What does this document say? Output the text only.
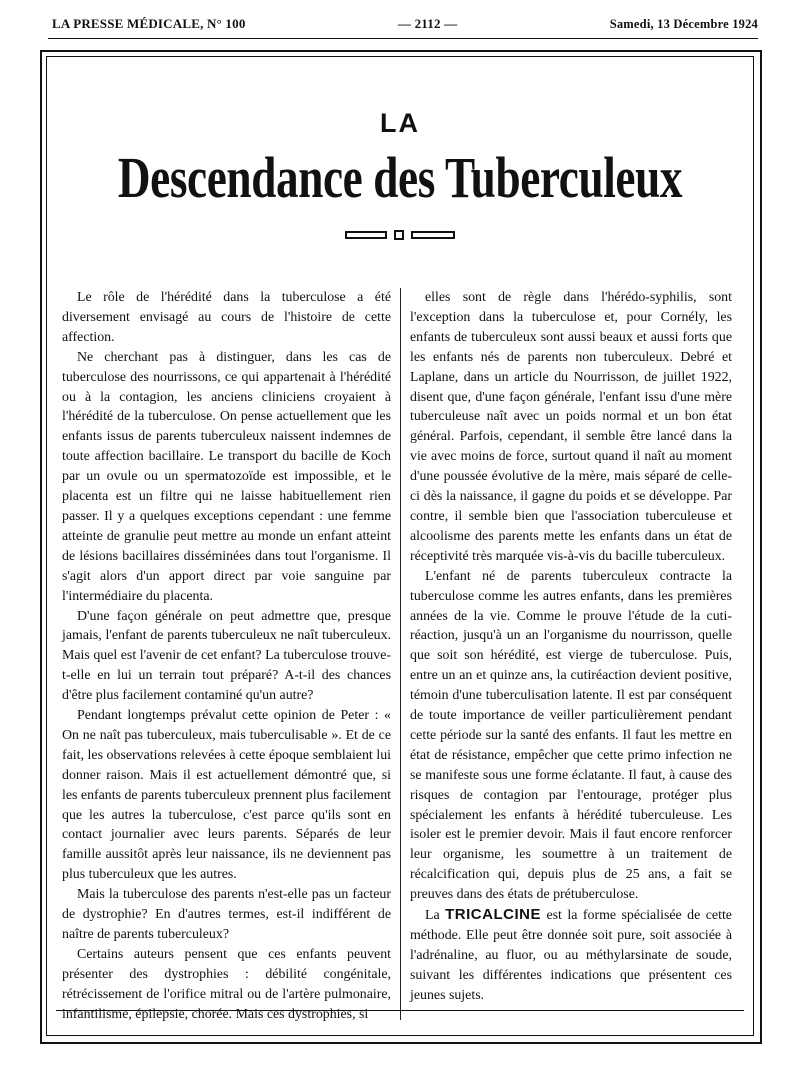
LA PRESSE MÉDICALE, N° 100	— 2112 —	Samedi, 13 Décembre 1924
LA
Descendance des Tuberculeux

Le rôle de l'hérédité dans la tuberculose a été diversement envisagé au cours de l'histoire de cette affection.

Ne cherchant pas à distinguer, dans les cas de tuberculose des nourrissons, ce qui appartenait à l'hérédité ou à la contagion, les anciens cliniciens croyaient à l'hérédité de la tuberculose. On pense actuellement que les enfants issus de parents tuberculeux naissent indemnes de toute affection bacillaire. Le transport du bacille de Koch par un ovule ou un spermatozoïde est impossible, et le placenta est un filtre qui ne laisse habituellement rien passer. Il y a quelques exceptions cependant : une femme atteinte de granulie peut mettre au monde un enfant atteint de lésions bacillaires disséminées dans tout l'organisme. Il s'agit alors d'un apport direct par voie sanguine par l'intermédiaire du placenta.

D'une façon générale on peut admettre que, presque jamais, l'enfant de parents tuberculeux ne naît tuberculeux. Mais quel est l'avenir de cet enfant? La tuberculose trouve-t-elle en lui un terrain tout préparé? A-t-il des chances d'être plus facilement contaminé qu'un autre?

Pendant longtemps prévalut cette opinion de Peter : « On ne naît pas tuberculeux, mais tuberculisable ». Et de ce fait, les observations relevées à cette époque semblaient lui donner raison. Mais il est actuellement démontré que, si les enfants de parents tuberculeux prennent plus facilement que les autres la tuberculose, c'est parce qu'ils sont en contact journalier avec leurs parents. Séparés de leur famille aussitôt après leur naissance, ils ne deviennent pas plus tuberculeux que les autres.

Mais la tuberculose des parents n'est-elle pas un facteur de dystrophie? En d'autres termes, est-il indifférent de naître de parents tuberculeux?

Certains auteurs pensent que ces enfants peuvent présenter des dystrophies : débilité congénitale, rétrécissement de l'orifice mitral ou de l'artère pulmonaire, infantilisme, épilepsie, chorée. Mais ces dystrophies, si

elles sont de règle dans l'hérédo-syphilis, sont l'exception dans la tuberculose et, pour Cornély, les enfants de tuberculeux sont aussi beaux et aussi forts que les enfants nés de parents non tuberculeux. Debré et Laplane, dans un article du Nourrisson, de juillet 1922, disent que, d'une façon générale, l'enfant issu d'une mère tuberculeuse naît avec un poids normal et un bon état général. Parfois, cependant, il semble être lancé dans la vie avec moins de force, surtout quand il naît au moment d'une poussée évolutive de la mère, mais séparé de celle-ci dès la naissance, il gagne du poids et se développe. Par contre, il semble bien que l'association tuberculeuse et alcoolisme des parents mette les enfants dans un état de réceptivité très marquée vis-à-vis du bacille tuberculeux.

L'enfant né de parents tuberculeux contracte la tuberculose comme les autres enfants, dans les premières années de la vie. Comme le prouve l'étude de la cuti-réaction, jusqu'à un an l'organisme du nourrisson, quelle que soit son hérédité, est vierge de tuberculose. Puis, entre un an et quinze ans, la cutiréaction devient positive, témoin d'une tuberculisation latente. Il est par conséquent de toute importance de veiller particulièrement pendant cette période sur la santé des enfants. Il faut les mettre en état de résistance, empêcher que cette primo infection ne se manifeste sous une forme éclatante. Il faut, à cause des risques de contagion par l'entourage, protéger plus spécialement les enfants à hérédité tuberculeuse. Les isoler est le premier devoir. Mais il faut encore renforcer leur organisme, les soumettre à un traitement de récalcification qui, depuis plus de 25 ans, a fait se preuves dans des états de prétuberculose.

La TRICALCINE est la forme spécialisée de cette méthode. Elle peut être donnée soit pure, soit associée à l'adrénaline, au fluor, ou au méthylarsinate de soude, suivant les différentes indications que présentent ces jeunes sujets.
